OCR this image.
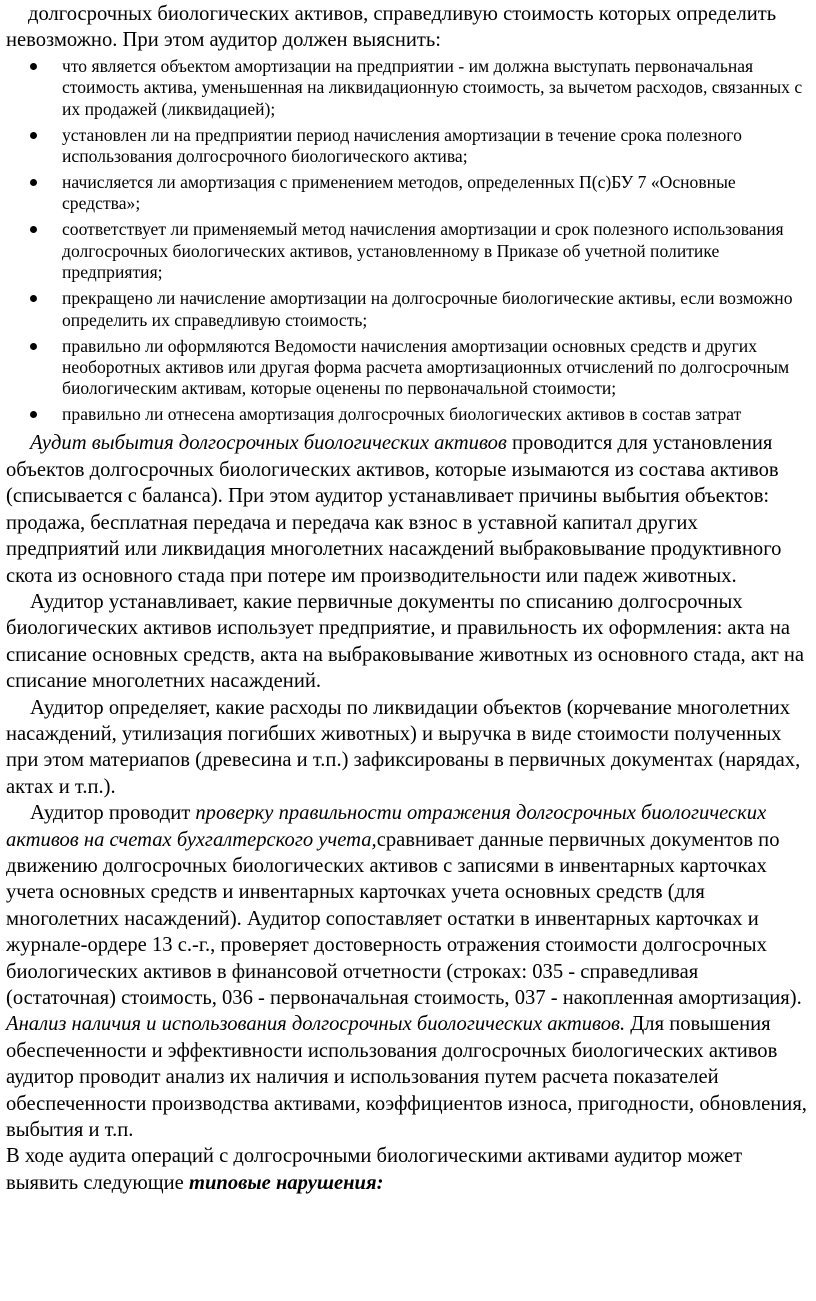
долгосрочных биологических активов, справедливую стоимость которых определить невозможно. При этом аудитор должен выяснить:

что является объектом амортизации на предприятии - им должна выступать первоначальная стоимость актива, уменьшенная на ликвидационную стоимость, за вычетом расходов, связанных с их продажей (ликвидацией);
установлен ли на предприятии период начисления амортизации в течение срока полезного использования долгосрочного биологического актива;
начисляется ли амортизация с применением методов, определенных П(с)БУ 7 «Основные средства»;
соответствует ли применяемый метод начисления амортизации и срок полезного использования долгосрочных биологических активов, установленному в Приказе об учетной политике предприятия;
прекращено ли начисление амортизации на долгосрочные биологические активы, если возможно определить их справедливую стоимость;
правильно ли оформляются Ведомости начисления амортизации основных средств и других необоротных активов или другая форма расчета амортизационных отчислений по долгосрочным биологическим активам, которые оценены по первоначальной стоимости;
правильно ли отнесена амортизация долгосрочных биологических активов в состав затрат

Аудит выбытия долгосрочных биологических активов проводится для установления объектов долгосрочных биологических активов, которые изымаются из состава активов (списывается с баланса). При этом аудитор устанавливает причины выбытия объектов: продажа, бесплатная передача и передача как взнос в уставной капитал других предприятий или ликвидация многолетних насаждений выбраковывание продуктивного скота из основного стада при потере им производительности или падеж животных.

Аудитор устанавливает, какие первичные документы по списанию долгосрочных биологических активов использует предприятие, и правильность их оформления: акта на списание основных средств, акта на выбраковывание животных из основного стада, акт на списание многолетних насаждений.

Аудитор определяет, какие расходы по ликвидации объектов (корчевание многолетних насаждений, утилизация погибших животных) и выручка в виде стоимости полученных при этом материапов (древесина и т.п.) зафиксированы в первичных документах (нарядах, актах и т.п.).

Аудитор проводит проверку правильности отражения долгосрочных биологических активов на счетах бухгалтерского учета,сравнивает данные первичных документов по движению долгосрочных биологических активов с записями в инвентарных карточках учета основных средств и инвентарных карточках учета основных средств (для многолетних насаждений). Аудитор сопоставляет остатки в инвентарных карточках и журнале-ордере 13 с.-г., проверяет достоверность отражения стоимости долгосрочных биологических активов в финансовой отчетности (строках: 035 - справедливая (остаточная) стоимость, 036 - первоначальная стоимость, 037 - накопленная амортизация).

Анализ наличия и использования долгосрочных биологических активов. Для повышения обеспеченности и эффективности использования долгосрочных биологических активов аудитор проводит анализ их наличия и использования путем расчета показателей обеспеченности производства активами, коэффициентов износа, пригодности, обновления, выбытия и т.п.

В ходе аудита операций с долгосрочными биологическими активами аудитор может выявить следующие типовые нарушения:
